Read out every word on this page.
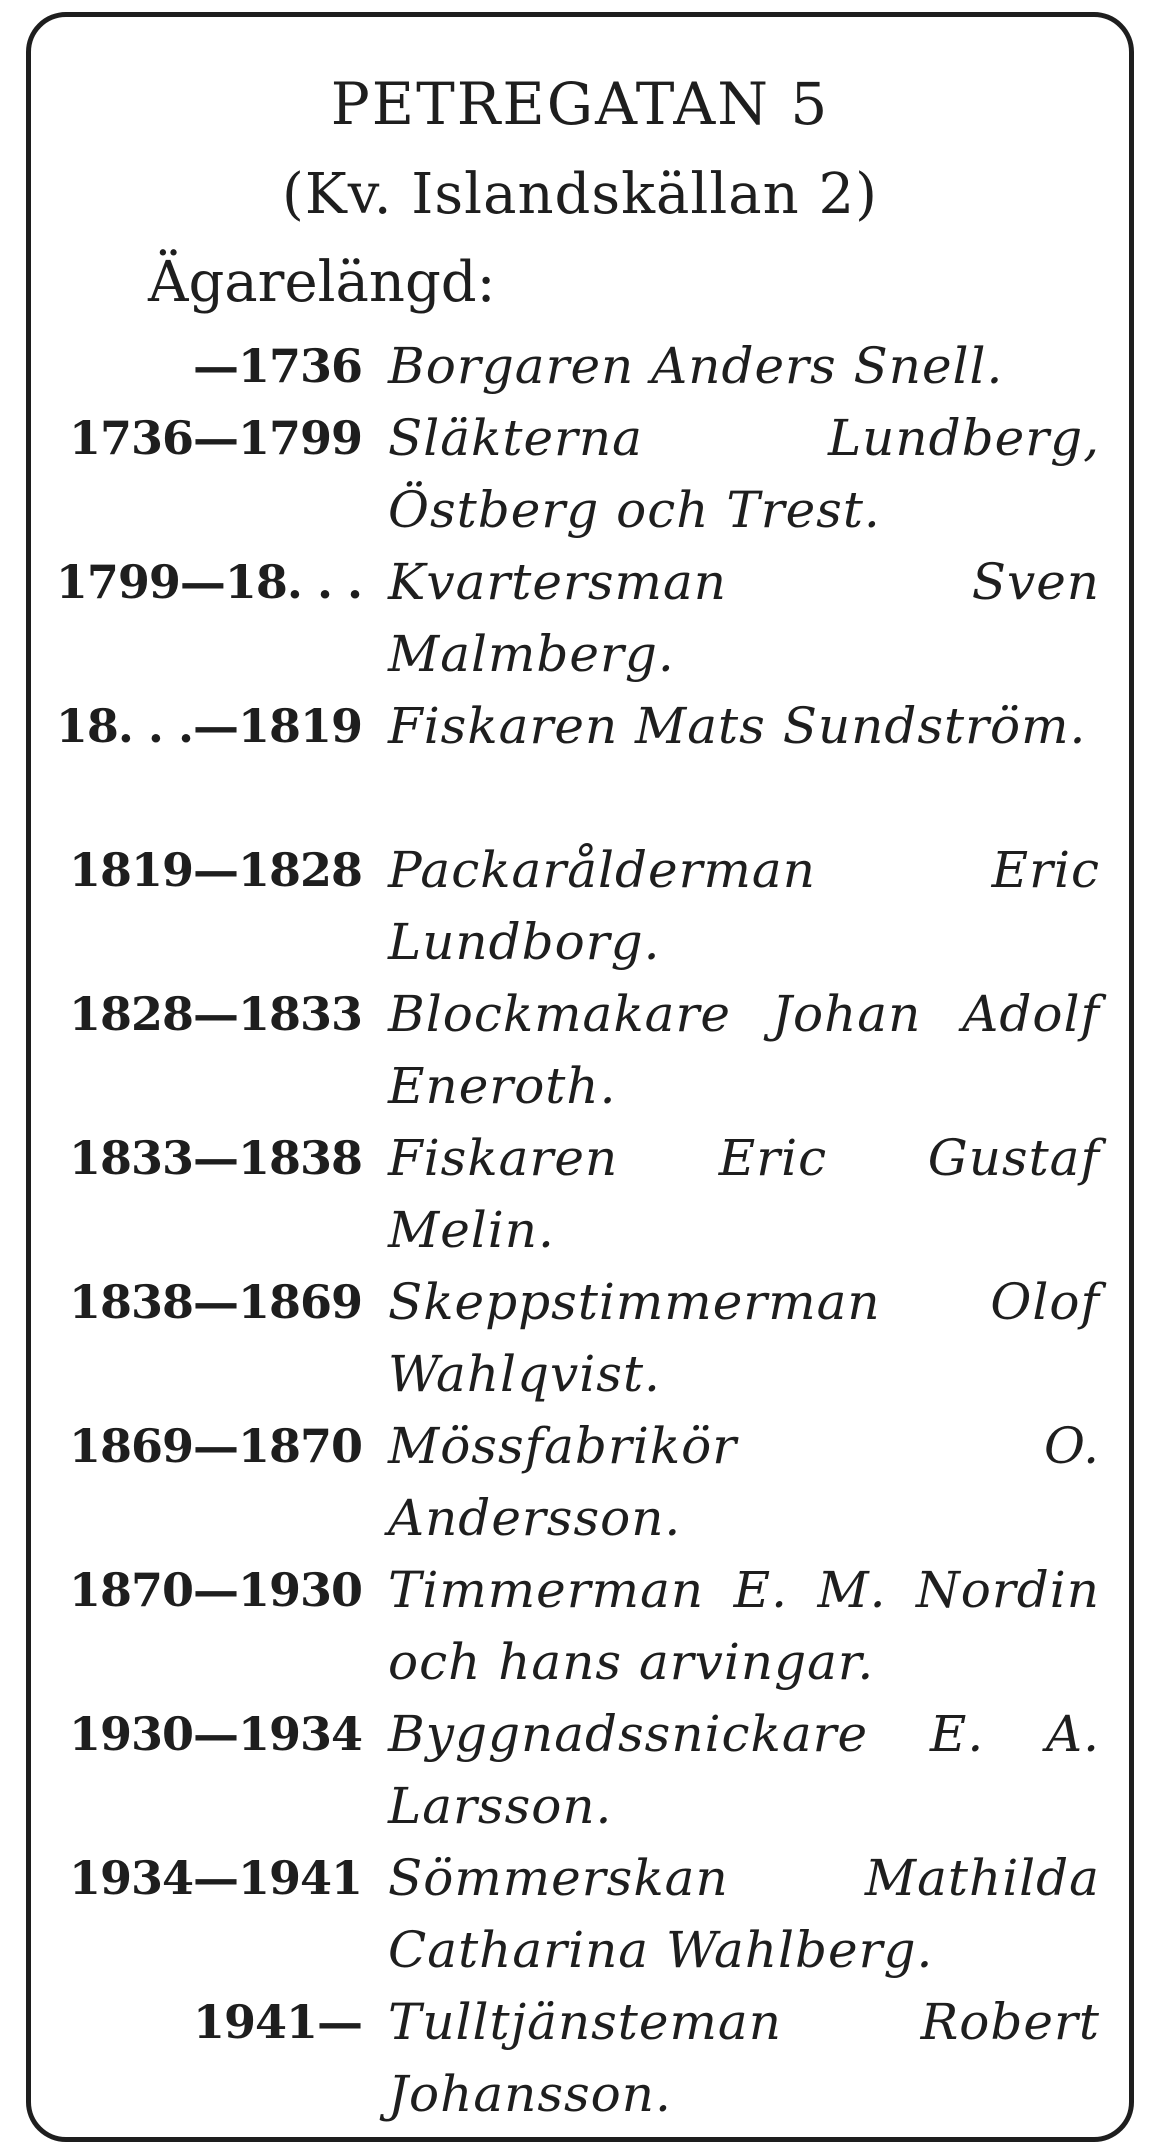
PETREGATAN 5
(Kv. Islandskällan 2)
Ägarelängd:
—1736 Borgaren Anders Snell.
1736—1799 Släkterna Lundberg, Östberg och Trest.
1799—18. . . Kvartersman Sven Malmberg.
18. . .—1819 Fiskaren Mats Sundström.
1819—1828 Packarålderman Eric Lundborg.
1828—1833 Blockmakare Johan Adolf Eneroth.
1833—1838 Fiskaren Eric Gustaf Melin.
1838—1869 Skeppstimmerman Olof Wahlqvist.
1869—1870 Mössfabrikör O. Andersson.
1870—1930 Timmerman E. M. Nordin och hans arvingar.
1930—1934 Byggnadssnickare E. A. Larsson.
1934—1941 Sömmerskan Mathilda Catharina Wahlberg.
1941— Tulltjänsteman Robert Johansson.
